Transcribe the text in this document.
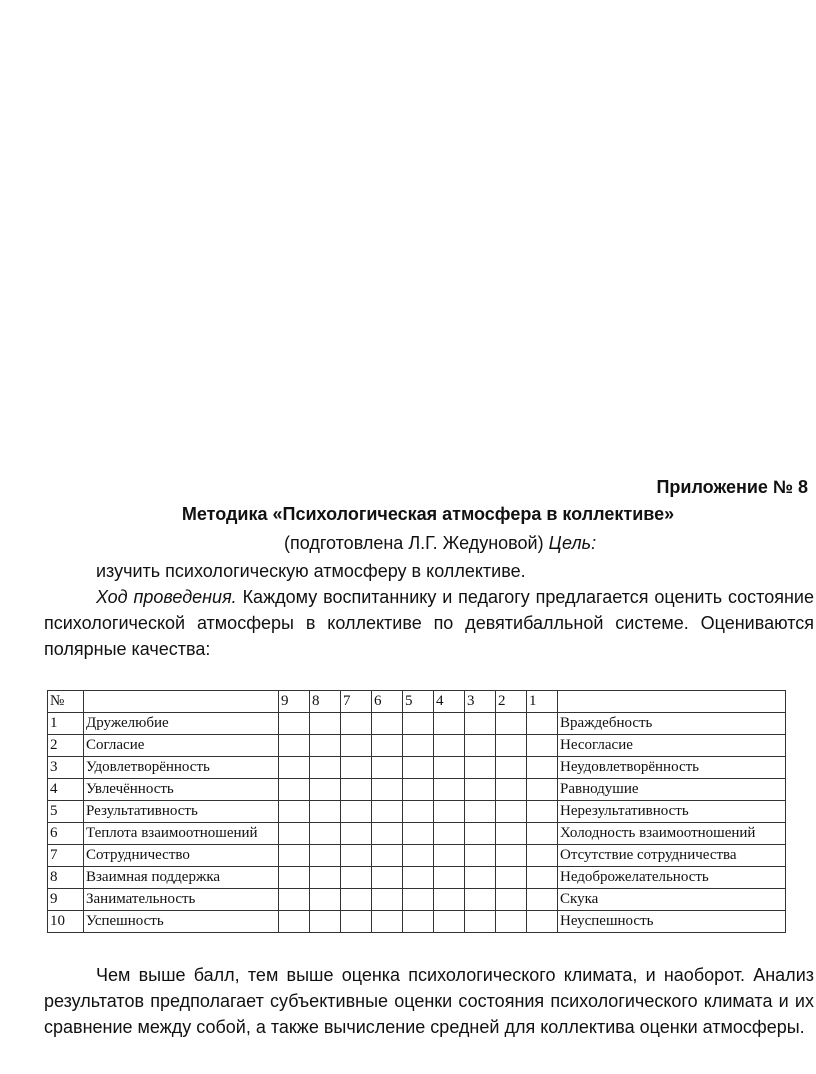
Приложение № 8
Методика «Психологическая атмосфера в коллективе»
(подготовлена Л.Г. Жедуновой) Цель:
изучить психологическую атмосферу в коллективе.
Ход проведения. Каждому воспитаннику и педагогу предлагается оценить состояние психологической атмосферы в коллективе по девятибалльной системе. Оцениваются полярные качества:
№		9	8	7	6	5	4	3	2	1	
1	Дружелюбие										Враждебность
2	Согласие										Несогласие
3	Удовлетворённость										Неудовлетворённость
4	Увлечённость										Равнодушие
5	Результативность										Нерезультативность
6	Теплота взаимоотношений										Холодность взаимоотношений
7	Сотрудничество										Отсутствие сотрудничества
8	Взаимная поддержка										Недоброжелательность
9	Занимательность										Скука
10	Успешность										Неуспешность
Чем выше балл, тем выше оценка психологического климата, и наоборот. Анализ результатов предполагает субъективные оценки состояния психологического климата и их сравнение между собой, а также вычисление средней для коллектива оценки атмосферы.
